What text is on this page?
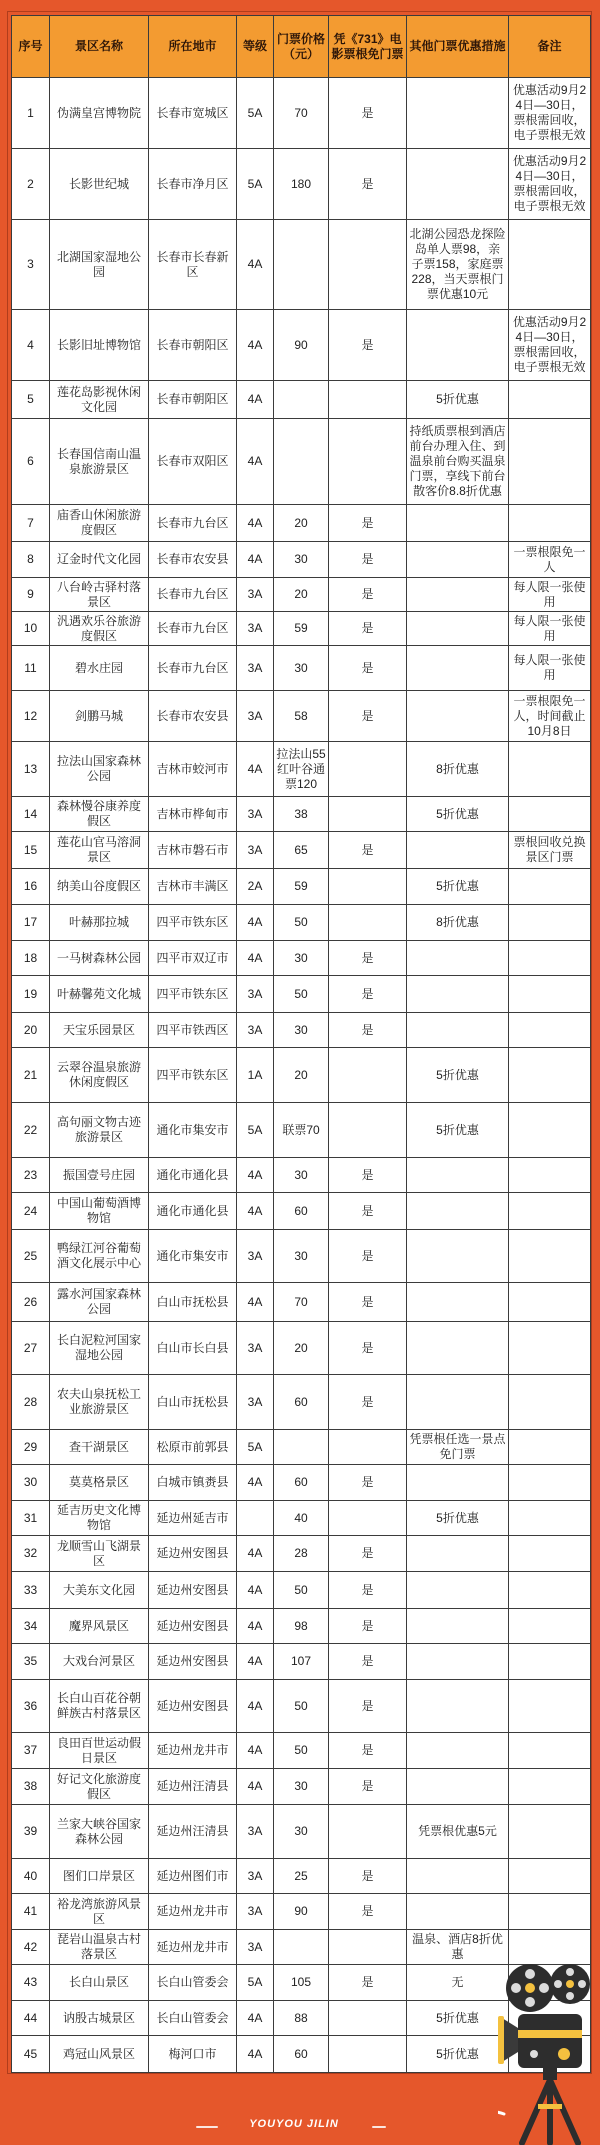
序号	景区名称	所在地市	等级	门票价格（元）	凭《731》电影票根免门票	其他门票优惠措施	备注
1	伪满皇宫博物院	长春市宽城区	5A	70	是		优惠活动9月24日—30日，票根需回收，电子票根无效
2	长影世纪城	长春市净月区	5A	180	是		优惠活动9月24日—30日，票根需回收，电子票根无效
3	北湖国家湿地公园	长春市长春新区	4A			北湖公园恐龙探险岛单人票98，亲子票158，家庭票228，当天票根门票优惠10元	
4	长影旧址博物馆	长春市朝阳区	4A	90	是		优惠活动9月24日—30日，票根需回收，电子票根无效
5	莲花岛影视休闲文化园	长春市朝阳区	4A			5折优惠	
6	长春国信南山温泉旅游景区	长春市双阳区	4A			持纸质票根到酒店前台办理入住、到温泉前台购买温泉门票，享线下前台散客价8.8折优惠	
7	庙香山休闲旅游度假区	长春市九台区	4A	20	是		
8	辽金时代文化园	长春市农安县	4A	30	是		一票根限免一人
9	八台岭古驿村落景区	长春市九台区	3A	20	是		每人限一张使用
10	汎遇欢乐谷旅游度假区	长春市九台区	3A	59	是		每人限一张使用
11	碧水庄园	长春市九台区	3A	30	是		每人限一张使用
12	剑鹏马城	长春市农安县	3A	58	是		一票根限免一人，时间截止10月8日
13	拉法山国家森林公园	吉林市蛟河市	4A	拉法山55红叶谷通票120		8折优惠	
14	森林慢谷康养度假区	吉林市桦甸市	3A	38		5折优惠	
15	莲花山官马溶洞景区	吉林市磐石市	3A	65	是		票根回收兑换景区门票
16	纳美山谷度假区	吉林市丰满区	2A	59		5折优惠	
17	叶赫那拉城	四平市铁东区	4A	50		8折优惠	
18	一马树森林公园	四平市双辽市	4A	30	是		
19	叶赫馨苑文化城	四平市铁东区	3A	50	是		
20	天宝乐园景区	四平市铁西区	3A	30	是		
21	云翠谷温泉旅游休闲度假区	四平市铁东区	1A	20		5折优惠	
22	高句丽文物古迹旅游景区	通化市集安市	5A	联票70		5折优惠	
23	振国壹号庄园	通化市通化县	4A	30	是		
24	中国山葡萄酒博物馆	通化市通化县	4A	60	是		
25	鸭绿江河谷葡萄酒文化展示中心	通化市集安市	3A	30	是		
26	露水河国家森林公园	白山市抚松县	4A	70	是		
27	长白泥粒河国家湿地公园	白山市长白县	3A	20	是		
28	农夫山泉抚松工业旅游景区	白山市抚松县	3A	60	是		
29	查干湖景区	松原市前郭县	5A			凭票根任选一景点免门票	
30	莫莫格景区	白城市镇赉县	4A	60	是		
31	延吉历史文化博物馆	延边州延吉市		40		5折优惠	
32	龙顺雪山飞湖景区	延边州安图县	4A	28	是		
33	大美东文化园	延边州安图县	4A	50	是		
34	魔界风景区	延边州安图县	4A	98	是		
35	大戏台河景区	延边州安图县	4A	107	是		
36	长白山百花谷朝鲜族古村落景区	延边州安图县	4A	50	是		
37	良田百世运动假日景区	延边州龙井市	4A	50	是		
38	好记文化旅游度假区	延边州汪清县	4A	30	是		
39	兰家大峡谷国家森林公园	延边州汪清县	3A	30		凭票根优惠5元	
40	图们口岸景区	延边州图们市	3A	25	是		
41	裕龙湾旅游风景区	延边州龙井市	3A	90	是		
42	琵岩山温泉古村落景区	延边州龙井市	3A			温泉、酒店8折优惠	
43	长白山景区	长白山管委会	5A	105	是	无	
44	讷殷古城景区	长白山管委会	4A	88		5折优惠	
45	鸡冠山风景区	梅河口市	4A	60		5折优惠	
YOUYOU JILIN
